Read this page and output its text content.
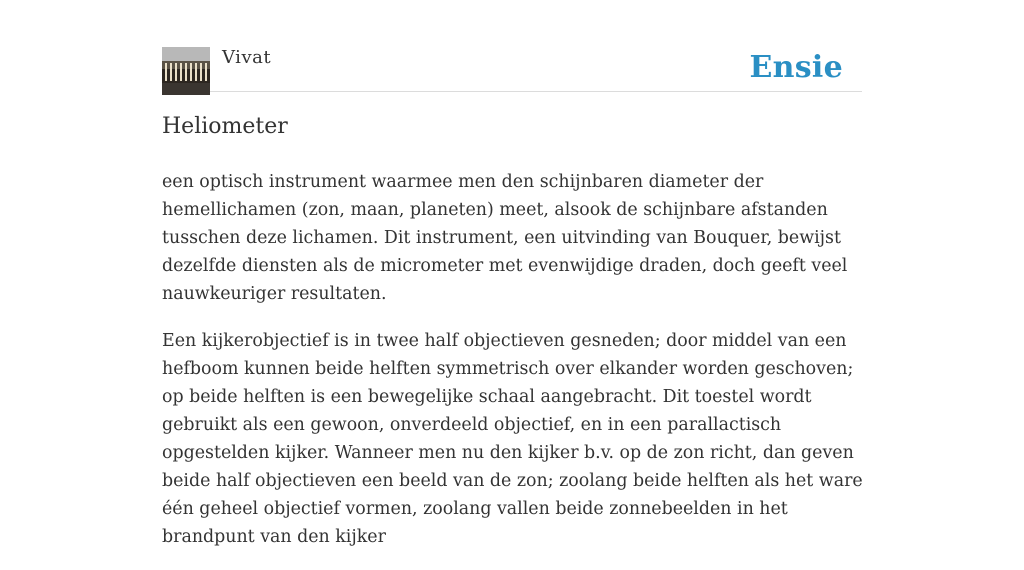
Vivat	Ensie
Heliometer

een optisch instrument waarmee men den schijnbaren diameter der hemellichamen (zon, maan, planeten) meet, alsook de schijnbare afstanden tusschen deze lichamen. Dit instrument, een uitvinding van Bouquer, bewijst dezelfde diensten als de micrometer met evenwijdige draden, doch geeft veel nauwkeuriger resultaten.

Een kijkerobjectief is in twee half objectieven gesneden; door middel van een hefboom kunnen beide helften symmetrisch over elkander worden geschoven; op beide helften is een bewegelijke schaal aangebracht. Dit toestel wordt gebruikt als een gewoon, onverdeeld objectief, en in een parallactisch opgestelden kijker. Wanneer men nu den kijker b.v. op de zon richt, dan geven beide half objectieven een beeld van de zon; zoolang beide helften als het ware één geheel objectief vormen, zoolang vallen beide zonnebeelden in het brandpunt van den kijker
